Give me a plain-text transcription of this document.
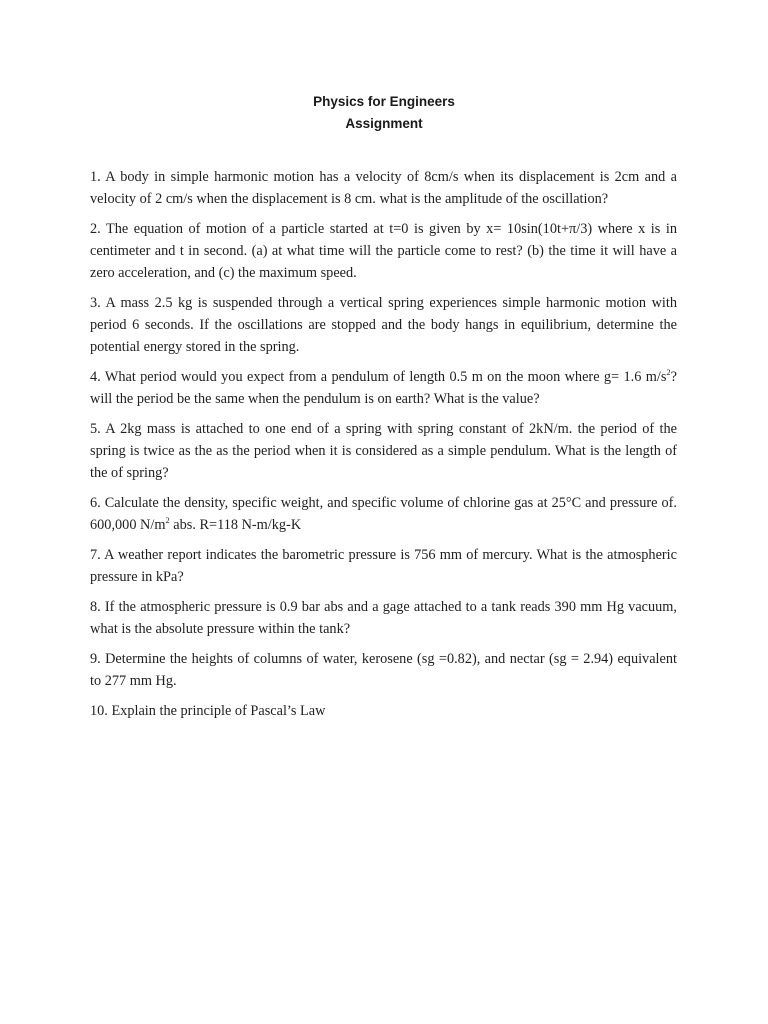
Physics for Engineers
Assignment
1. A body in simple harmonic motion has a velocity of 8cm/s when its displacement is 2cm and a velocity of 2 cm/s when the displacement is 8 cm. what is the amplitude of the oscillation?
2. The equation of motion of a particle started at t=0 is given by x= 10sin(10t+π/3) where x is in centimeter and t in second. (a) at what time will the particle come to rest? (b) the time it will have a zero acceleration, and (c) the maximum speed.
3. A mass 2.5 kg is suspended through a vertical spring experiences simple harmonic motion with period 6 seconds. If the oscillations are stopped and the body hangs in equilibrium, determine the potential energy stored in the spring.
4. What period would you expect from a pendulum of length 0.5 m on the moon where g= 1.6 $m/s^2$? will the period be the same when the pendulum is on earth? What is the value?
5. A 2kg mass is attached to one end of a spring with spring constant of 2kN/m. the period of the spring is twice as the as the period when it is considered as a simple pendulum. What is the length of the of spring?
6. Calculate the density, specific weight, and specific volume of chlorine gas at 25°C and pressure of. 600,000 $N/m^2$ abs. R=118 N-m/kg-K
7. A weather report indicates the barometric pressure is 756 mm of mercury. What is the atmospheric pressure in kPa?
8. If the atmospheric pressure is 0.9 bar abs and a gage attached to a tank reads 390 mm Hg vacuum, what is the absolute pressure within the tank?
9. Determine the heights of columns of water, kerosene (sg =0.82), and nectar (sg = 2.94) equivalent to 277 mm Hg.
10. Explain the principle of Pascal’s Law
